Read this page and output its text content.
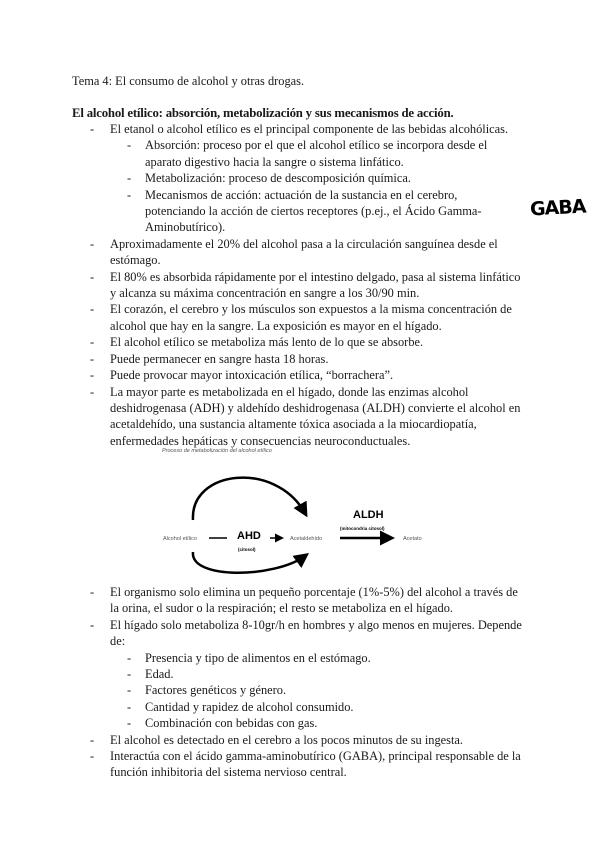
Tema 4: El consumo de alcohol y otras drogas.
El alcohol etílico: absorción, metabolización y sus mecanismos de acción.
- El etanol o alcohol etílico es el principal componente de las bebidas alcohólicas.
- Absorción: proceso por el que el alcohol etílico se incorpora desde el aparato digestivo hacia la sangre o sistema linfático.
- Metabolización: proceso de descomposición química.
- Mecanismos de acción: actuación de la sustancia en el cerebro, potenciando la acción de ciertos receptores (p.ej., el Ácido Gamma-Aminobutírico).
- Aproximadamente el 20% del alcohol pasa a la circulación sanguínea desde el estómago.
- El 80% es absorbida rápidamente por el intestino delgado, pasa al sistema linfático y alcanza su máxima concentración en sangre a los 30/90 min.
- El corazón, el cerebro y los músculos son expuestos a la misma concentración de alcohol que hay en la sangre. La exposición es mayor en el hígado.
- El alcohol etílico se metaboliza más lento de lo que se absorbe.
- Puede permanecer en sangre hasta 18 horas.
- Puede provocar mayor intoxicación etílica, “borrachera”.
- La mayor parte es metabolizada en el hígado, donde las enzimas alcohol deshidrogenasa (ADH) y aldehído deshidrogenasa (ALDH) convierte el alcohol en acetaldehído, una sustancia altamente tóxica asociada a la miocardiopatía, enfermedades hepáticas y consecuencias neuroconductuales.
GABA
Proceso de metabolización del alcohol etílico
Alcohol etílico	AHD
(citosol)
Acetaldehído
ALDH
(mitocondria citosol)
Acetato
- El organismo solo elimina un pequeño porcentaje (1%-5%) del alcohol a través de la orina, el sudor o la respiración; el resto se metaboliza en el hígado.
- El hígado solo metaboliza 8-10gr/h en hombres y algo menos en mujeres. Depende de:
- Presencia y tipo de alimentos en el estómago.
- Edad.
- Factores genéticos y género.
- Cantidad y rapidez de alcohol consumido.
- Combinación con bebidas con gas.
- El alcohol es detectado en el cerebro a los pocos minutos de su ingesta.
- Interactúa con el ácido gamma-aminobutírico (GABA), principal responsable de la función inhibitoria del sistema nervioso central.
